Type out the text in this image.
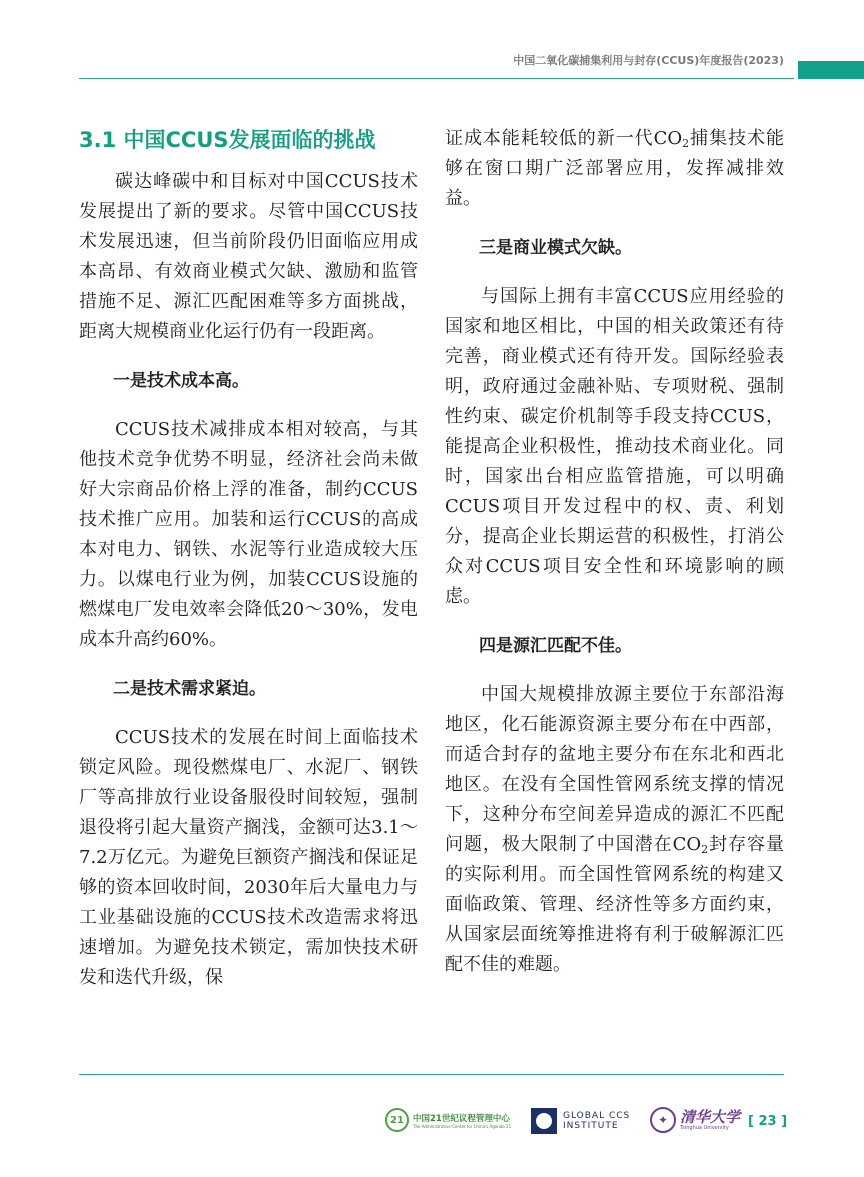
中国二氧化碳捕集利用与封存(CCUS)年度报告(2023)
3.1 中国CCUS发展面临的挑战

碳达峰碳中和目标对中国CCUS技术发展提出了新的要求。尽管中国CCUS技术发展迅速，但当前阶段仍旧面临应用成本高昂、有效商业模式欠缺、激励和监管措施不足、源汇匹配困难等多方面挑战，距离大规模商业化运行仍有一段距离。

一是技术成本高。

CCUS技术减排成本相对较高，与其他技术竞争优势不明显，经济社会尚未做好大宗商品价格上浮的准备，制约CCUS技术推广应用。加装和运行CCUS的高成本对电力、钢铁、水泥等行业造成较大压力。以煤电行业为例，加装CCUS设施的燃煤电厂发电效率会降低20～30%，发电成本升高约60%。

二是技术需求紧迫。

CCUS技术的发展在时间上面临技术锁定风险。现役燃煤电厂、水泥厂、钢铁厂等高排放行业设备服役时间较短，强制退役将引起大量资产搁浅，金额可达3.1～7.2万亿元。为避免巨额资产搁浅和保证足够的资本回收时间，2030年后大量电力与工业基础设施的CCUS技术改造需求将迅速增加。为避免技术锁定，需加快技术研发和迭代升级，保

证成本能耗较低的新一代$CO_2$捕集技术能够在窗口期广泛部署应用，发挥减排效益。

三是商业模式欠缺。

与国际上拥有丰富CCUS应用经验的国家和地区相比，中国的相关政策还有待完善，商业模式还有待开发。国际经验表明，政府通过金融补贴、专项财税、强制性约束、碳定价机制等手段支持CCUS，能提高企业积极性，推动技术商业化。同时，国家出台相应监管措施，可以明确CCUS项目开发过程中的权、责、利划分，提高企业长期运营的积极性，打消公众对CCUS项目安全性和环境影响的顾虑。

四是源汇匹配不佳。

中国大规模排放源主要位于东部沿海地区，化石能源资源主要分布在中西部，而适合封存的盆地主要分布在东北和西北地区。在没有全国性管网系统支撑的情况下，这种分布空间差异造成的源汇不匹配问题，极大限制了中国潜在$CO_2$封存容量的实际利用。而全国性管网系统的构建又面临政策、管理、经济性等多方面约束，从国家层面统筹推进将有利于破解源汇匹配不佳的难题。

21	中国21世纪议程管理中心
The Administrative Center for China's Agenda 21
GLOBAL CCS
INSTITUTE	✦ 清华大学
Tsinghua University	[ 23 ]
